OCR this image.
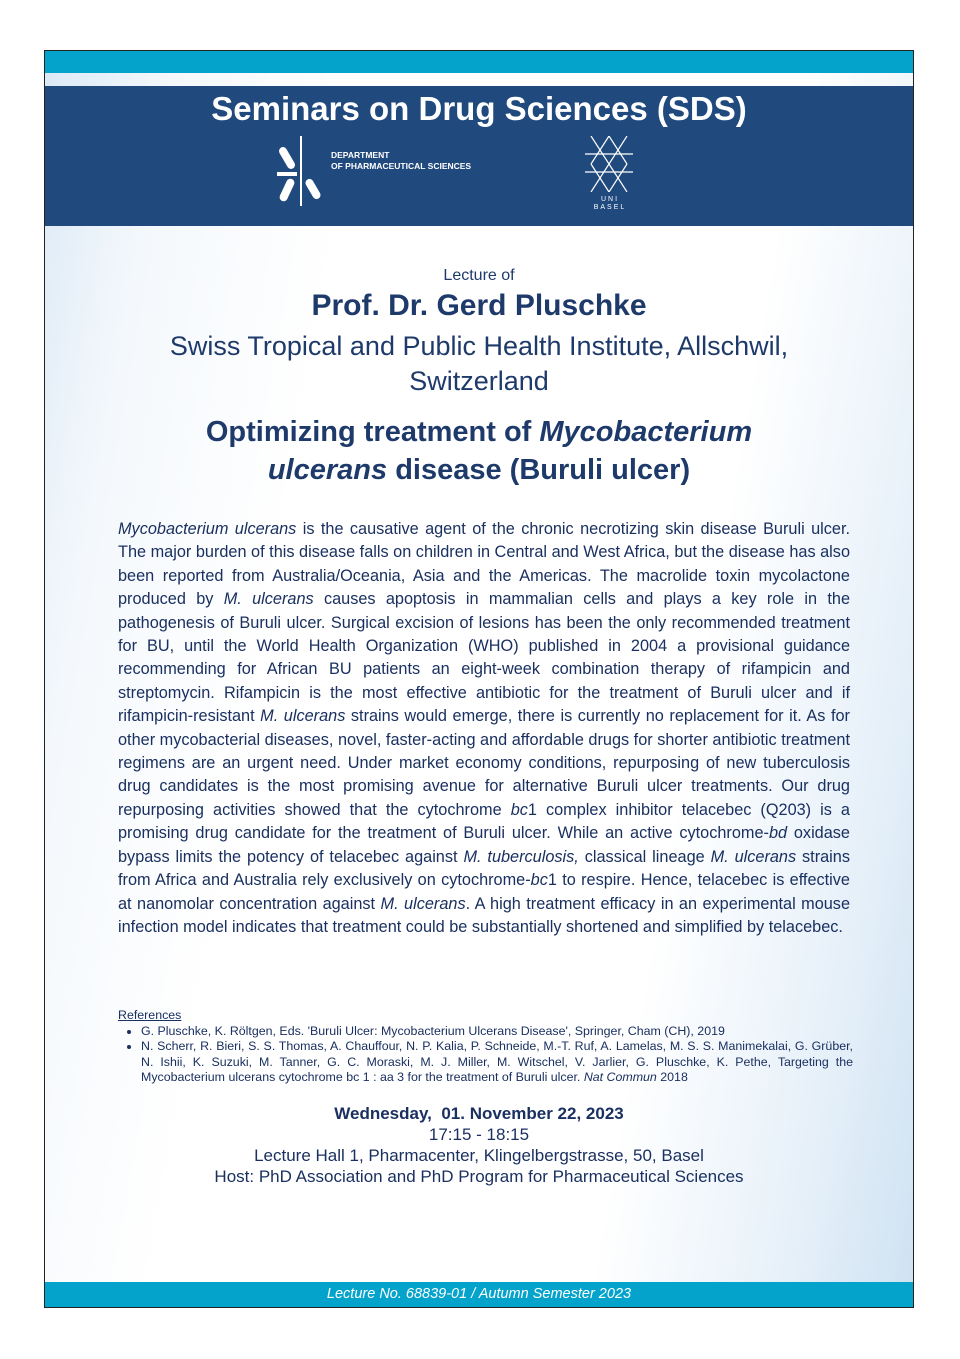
Seminars on Drug Sciences (SDS)
DEPARTMENT
OF PHARMACEUTICAL SCIENCES
UNI
BASEL
Lecture of
Prof. Dr. Gerd Pluschke
Swiss Tropical and Public Health Institute, Allschwil,
Switzerland
Optimizing treatment of Mycobacterium
ulcerans disease (Buruli ulcer)
Mycobacterium ulcerans is the causative agent of the chronic necrotizing skin disease Buruli ulcer. The major burden of this disease falls on children in Central and West Africa, but the disease has also been reported from Australia/Oceania, Asia and the Americas. The macrolide toxin mycolactone produced by M. ulcerans causes apoptosis in mammalian cells and plays a key role in the pathogenesis of Buruli ulcer. Surgical excision of lesions has been the only recommended treatment for BU, until the World Health Organization (WHO) published in 2004 a provisional guidance recommending for African BU patients an eight-week combination therapy of rifampicin and streptomycin. Rifampicin is the most effective antibiotic for the treatment of Buruli ulcer and if rifampicin-resistant M. ulcerans strains would emerge, there is currently no replacement for it. As for other mycobacterial diseases, novel, faster-acting and affordable drugs for shorter antibiotic treatment regimens are an urgent need. Under market economy conditions, repurposing of new tuberculosis drug candidates is the most promising avenue for alternative Buruli ulcer treatments. Our drug repurposing activities showed that the cytochrome bc1 complex inhibitor telacebec (Q203) is a promising drug candidate for the treatment of Buruli ulcer. While an active cytochrome-bd oxidase bypass limits the potency of telacebec against M. tuberculosis, classical lineage M. ulcerans strains from Africa and Australia rely exclusively on cytochrome-bc1 to respire. Hence, telacebec is effective at nanomolar concentration against M. ulcerans. A high treatment efficacy in an experimental mouse infection model indicates that treatment could be substantially shortened and simplified by telacebec.
References
• G. Pluschke, K. Röltgen, Eds. 'Buruli Ulcer: Mycobacterium Ulcerans Disease', Springer, Cham (CH), 2019
• N. Scherr, R. Bieri, S. S. Thomas, A. Chauffour, N. P. Kalia, P. Schneide, M.-T. Ruf, A. Lamelas, M. S. S. Manimekalai, G. Grüber, N. Ishii, K. Suzuki, M. Tanner, G. C. Moraski, M. J. Miller, M. Witschel, V. Jarlier, G. Pluschke, K. Pethe, Targeting the Mycobacterium ulcerans cytochrome bc 1 : aa 3 for the treatment of Buruli ulcer. Nat Commun 2018
Wednesday,  01. November 22, 2023
17:15 - 18:15
Lecture Hall 1, Pharmacenter, Klingelbergstrasse, 50, Basel
Host: PhD Association and PhD Program for Pharmaceutical Sciences
Lecture No. 68839-01 / Autumn Semester 2023
